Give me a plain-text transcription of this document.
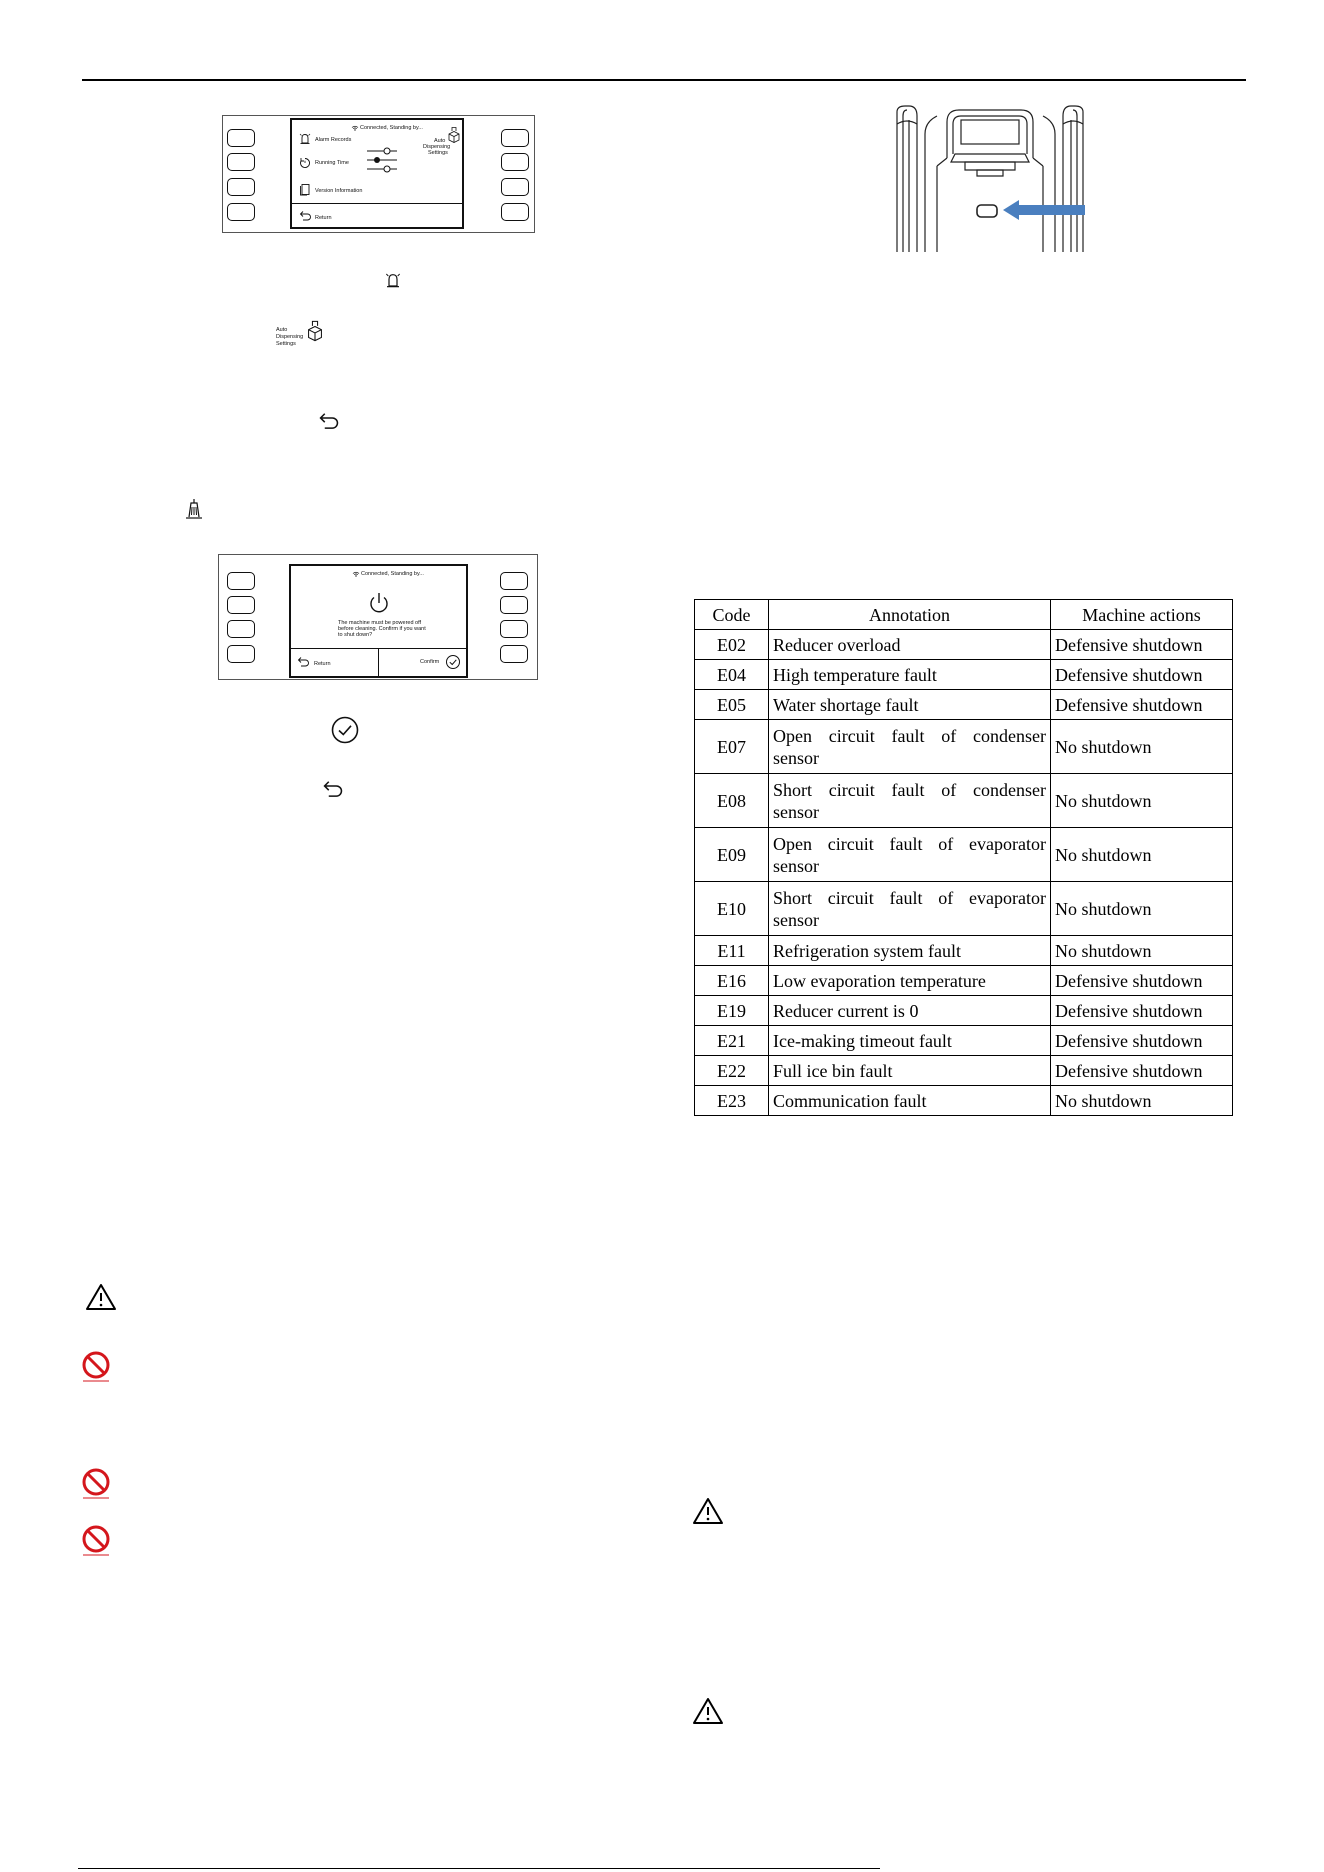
Connected, Standing by...
Alarm Records
Running Time
Auto
Dispensing
Settings
Version Information
Return
Auto
Dispensing
Settings
Connected, Standing by...
The machine must be powered off
before cleaning. Confirm if you want
to shut down?
Return	Confirm
Code	Annotation	Machine actions
E02	Reducer overload	Defensive shutdown
E04	High temperature fault	Defensive shutdown
E05	Water shortage fault	Defensive shutdown
E07	Open circuit fault of condenser sensor	No shutdown
E08	Short circuit fault of condenser sensor	No shutdown
E09	Open circuit fault of evaporator sensor	No shutdown
E10	Short circuit fault of evaporator sensor	No shutdown
E11	Refrigeration system fault	No shutdown
E16	Low evaporation temperature	Defensive shutdown
E19	Reducer current is 0	Defensive shutdown
E21	Ice-making timeout fault	Defensive shutdown
E22	Full ice bin fault	Defensive shutdown
E23	Communication fault	No shutdown
